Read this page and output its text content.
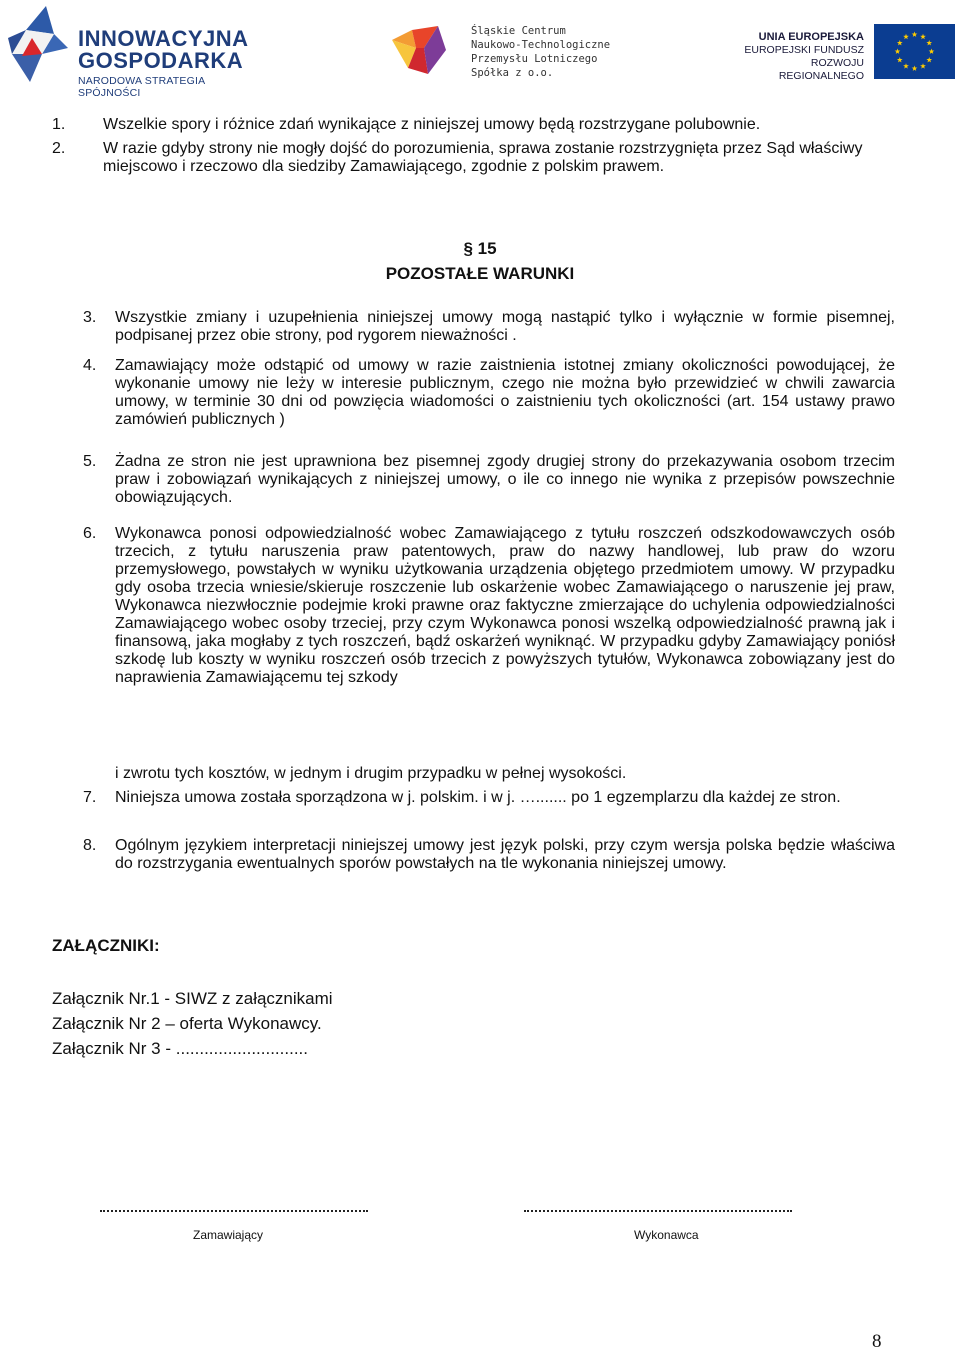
INNOWACYJNA
GOSPODARKA
NARODOWA STRATEGIA SPÓJNOŚCI
Śląskie Centrum
Naukowo-Technologiczne
Przemysłu Lotniczego
Spółka z o.o.
UNIA EUROPEJSKA
EUROPEJSKI FUNDUSZ
ROZWOJU REGIONALNEGO
1. Wszelkie spory i różnice zdań wynikające z niniejszej umowy będą rozstrzygane polubownie.
2. W razie gdyby strony nie mogły dojść do porozumienia, sprawa zostanie rozstrzygnięta przez Sąd właściwy miejscowo i rzeczowo dla siedziby Zamawiającego, zgodnie z polskim prawem.
§ 15
POZOSTAŁE WARUNKI
3. Wszystkie zmiany i uzupełnienia niniejszej umowy mogą nastąpić tylko i wyłącznie w formie pisemnej, podpisanej przez obie strony, pod rygorem nieważności .
4. Zamawiający może odstąpić od umowy w razie zaistnienia istotnej zmiany okoliczności powodującej, że wykonanie umowy nie leży w interesie publicznym, czego nie można było przewidzieć w chwili zawarcia umowy, w terminie 30 dni od powzięcia wiadomości o zaistnieniu tych okoliczności (art. 154 ustawy prawo zamówień publicznych )
5. Żadna ze stron nie jest uprawniona bez pisemnej zgody drugiej strony do przekazywania osobom trzecim praw i zobowiązań wynikających z niniejszej umowy, o ile co innego nie wynika z przepisów powszechnie obowiązujących.
6. Wykonawca ponosi odpowiedzialność wobec Zamawiającego z tytułu roszczeń odszkodowawczych osób trzecich, z tytułu naruszenia praw patentowych, praw do nazwy handlowej, lub praw do wzoru przemysłowego, powstałych w wyniku użytkowania urządzenia objętego przedmiotem umowy. W przypadku gdy osoba trzecia wniesie/skieruje roszczenie lub oskarżenie wobec Zamawiającego o naruszenie jej praw, Wykonawca niezwłocznie podejmie kroki prawne oraz faktyczne zmierzające do uchylenia odpowiedzialności Zamawiającego wobec osoby trzeciej, przy czym Wykonawca ponosi wszelką odpowiedzialność prawną jak i finansową, jaka mogłaby z tych roszczeń, bądź oskarżeń wyniknąć. W przypadku gdyby Zamawiający poniósł szkodę lub koszty w wyniku roszczeń osób trzecich z powyższych tytułów, Wykonawca zobowiązany jest do naprawienia Zamawiającemu tej szkody
i zwrotu tych kosztów, w jednym i drugim przypadku w pełnej wysokości.
7. Niniejsza umowa została sporządzona w j. polskim. i w j. …....... po 1 egzemplarzu dla każdej ze stron.
8. Ogólnym językiem interpretacji niniejszej umowy jest język polski, przy czym wersja polska będzie właściwa do rozstrzygania ewentualnych sporów powstałych na tle wykonania niniejszej umowy.
ZAŁĄCZNIKI:
Załącznik Nr.1 - SIWZ z załącznikami
Załącznik Nr 2 – oferta Wykonawcy.
Załącznik Nr 3 - ............................
Zamawiający	Wykonawca
8
